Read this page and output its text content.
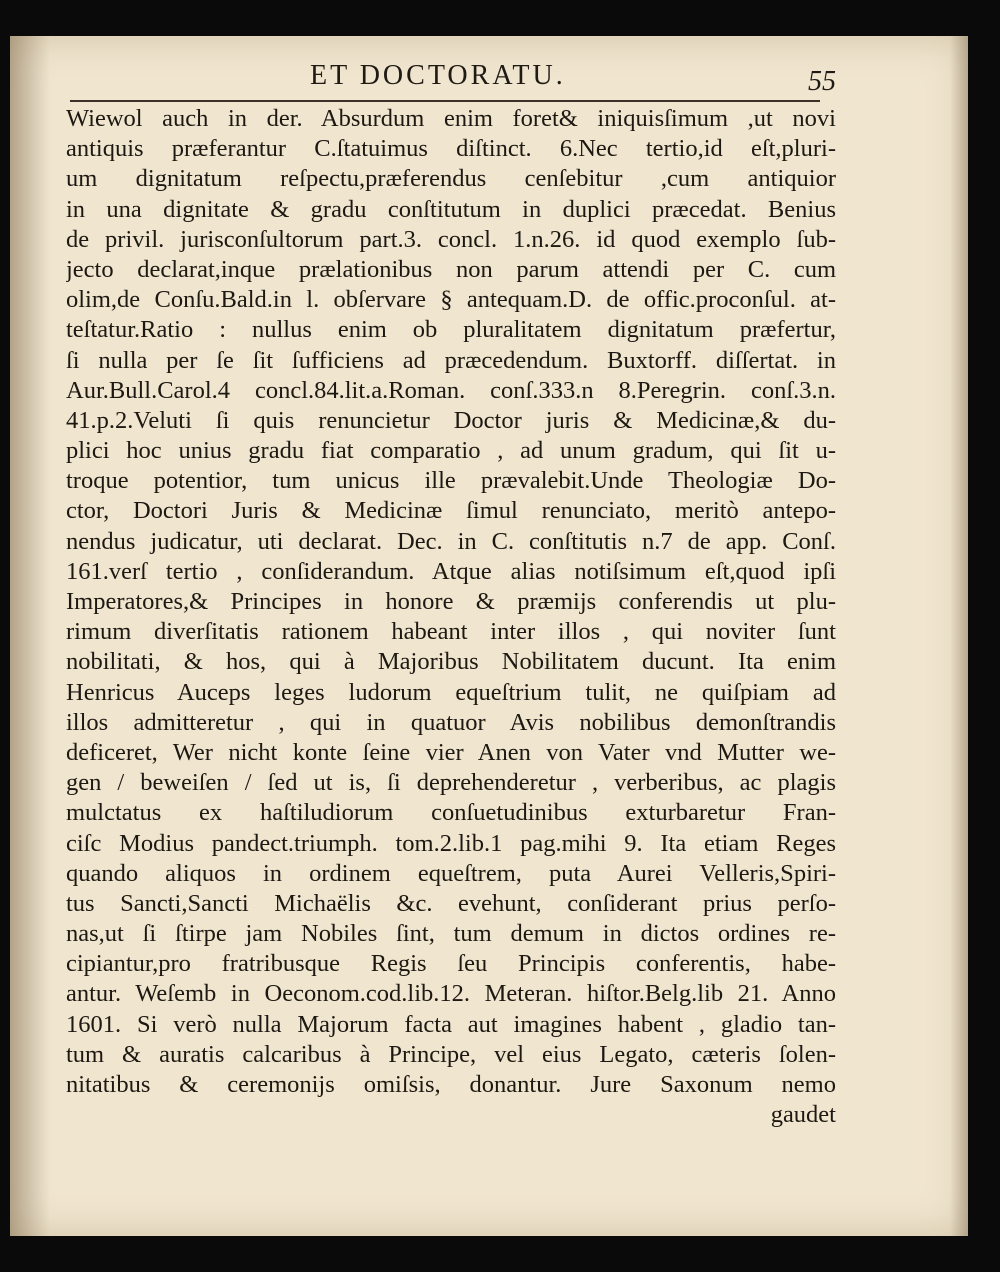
ET DOCTORATU.	55
Wiewol auch in der. Absurdum enim foret& iniquisſimum ,ut novi
antiquis præferantur C.ſtatuimus diſtinct. 6.Nec tertio,id eſt,pluri-
um dignitatum reſpectu,præferendus cenſebitur ,cum antiquior
in una dignitate & gradu conſtitutum in duplici præcedat. Benius
de privil. jurisconſultorum part.3. concl. 1.n.26. id quod exemplo ſub-
jecto declarat,inque prælationibus non parum attendi per C. cum
olim,de Conſu.Bald.in l. obſervare § antequam.D. de offic.proconſul. at-
teſtatur.Ratio : nullus enim ob pluralitatem dignitatum præfertur,
ſi nulla per ſe ſit ſufficiens ad præcedendum. Buxtorff. diſſertat. in
Aur.Bull.Carol.4 concl.84.lit.a.Roman. conſ.333.n 8.Peregrin. conſ.3.n.
41.p.2.Veluti ſi quis renuncietur Doctor juris & Medicinæ,& du-
plici hoc unius gradu fiat comparatio , ad unum gradum, qui ſit u-
troque potentior, tum unicus ille prævalebit.Unde Theologiæ Do-
ctor, Doctori Juris & Medicinæ ſimul renunciato, meritò antepo-
nendus judicatur, uti declarat. Dec. in C. conſtitutis n.7 de app. Conſ.
161.verſ tertio , conſiderandum. Atque alias notiſsimum eſt,quod ipſi
Imperatores,& Principes in honore & præmijs conferendis ut plu-
rimum diverſitatis rationem habeant inter illos , qui noviter ſunt
nobilitati, & hos, qui à Majoribus Nobilitatem ducunt. Ita enim
Henricus Auceps leges ludorum equeſtrium tulit, ne quiſpiam ad
illos admitteretur , qui in quatuor Avis nobilibus demonſtrandis
deficeret, Wer nicht konte ſeine vier Anen von Vater vnd Mutter we-
gen / beweiſen / ſed ut is, ſi deprehenderetur , verberibus, ac plagis
mulctatus ex haſtiludiorum conſuetudinibus exturbaretur Fran-
ciſc Modius pandect.triumph. tom.2.lib.1 pag.mihi 9. Ita etiam Reges
quando aliquos in ordinem equeſtrem, puta Aurei Velleris,Spiri-
tus Sancti,Sancti Michaëlis &c. evehunt, conſiderant prius perſo-
nas,ut ſi ſtirpe jam Nobiles ſint, tum demum in dictos ordines re-
cipiantur,pro fratribusque Regis ſeu Principis conferentis, habe-
antur. Weſemb in Oeconom.cod.lib.12. Meteran. hiſtor.Belg.lib 21. Anno
1601. Si verò nulla Majorum facta aut imagines habent , gladio tan-
tum & auratis calcaribus à Principe, vel eius Legato, cæteris ſolen-
nitatibus & ceremonijs omiſsis, donantur. Jure Saxonum nemo
gaudet
